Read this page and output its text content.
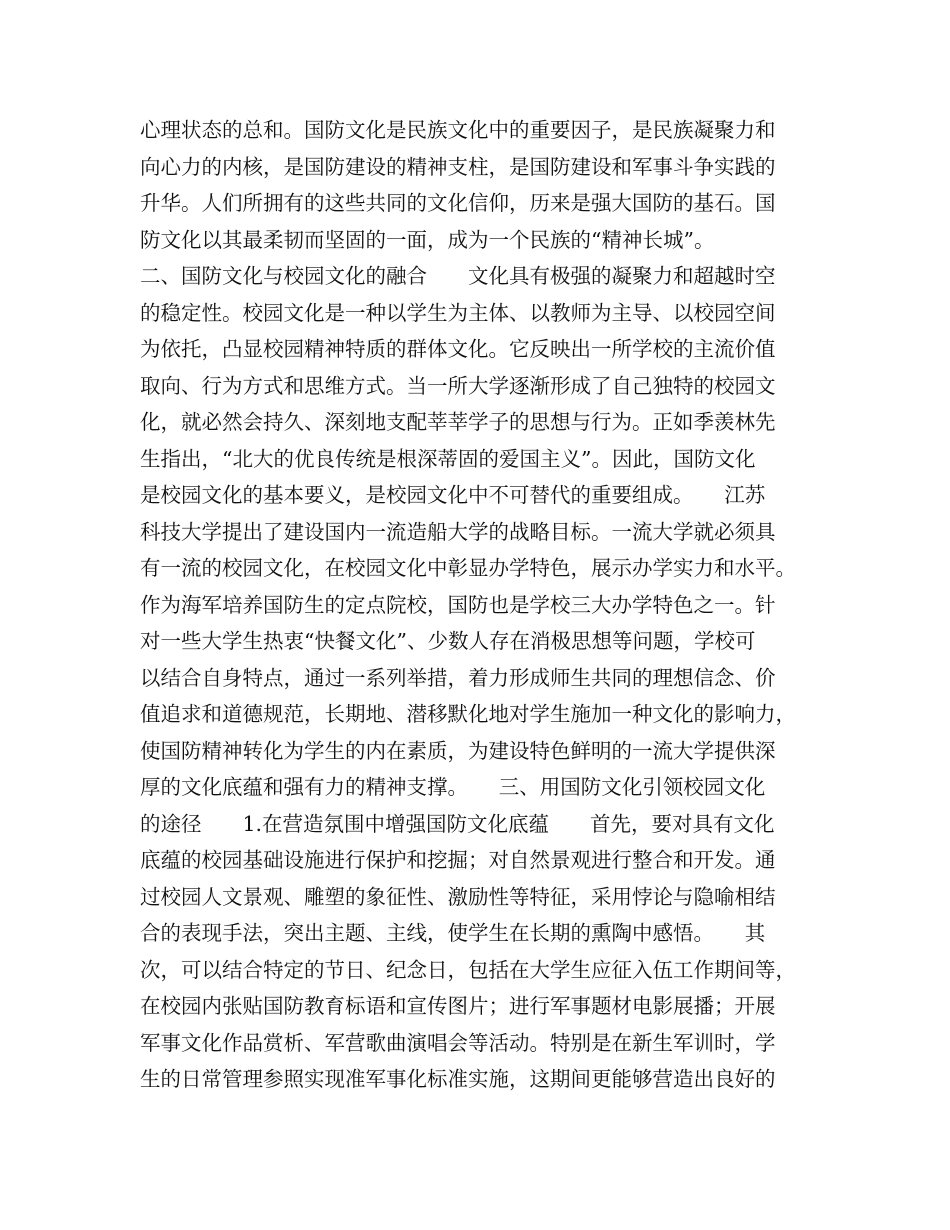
心理状态的总和。国防文化是民族文化中的重要因子，是民族凝聚力和
向心力的内核，是国防建设的精神支柱，是国防建设和军事斗争实践的
升华。人们所拥有的这些共同的文化信仰，历来是强大国防的基石。国
防文化以其最柔韧而坚固的一面，成为一个民族的“精神长城”。
二、国防文化与校园文化的融合　　文化具有极强的凝聚力和超越时空
的稳定性。校园文化是一种以学生为主体、以教师为主导、以校园空间
为依托，凸显校园精神特质的群体文化。它反映出一所学校的主流价值
取向、行为方式和思维方式。当一所大学逐渐形成了自己独特的校园文
化，就必然会持久、深刻地支配莘莘学子的思想与行为。正如季羡林先
生指出，“北大的优良传统是根深蒂固的爱国主义”。因此，国防文化
是校园文化的基本要义，是校园文化中不可替代的重要组成。　　江苏
科技大学提出了建设国内一流造船大学的战略目标。一流大学就必须具
有一流的校园文化，在校园文化中彰显办学特色，展示办学实力和水平。
作为海军培养国防生的定点院校，国防也是学校三大办学特色之一。针
对一些大学生热衷“快餐文化”、少数人存在消极思想等问题，学校可
以结合自身特点，通过一系列举措，着力形成师生共同的理想信念、价
值追求和道德规范，长期地、潜移默化地对学生施加一种文化的影响力，
使国防精神转化为学生的内在素质，为建设特色鲜明的一流大学提供深
厚的文化底蕴和强有力的精神支撑。　　三、用国防文化引领校园文化
的途径　　1.在营造氛围中增强国防文化底蕴　　首先，要对具有文化
底蕴的校园基础设施进行保护和挖掘；对自然景观进行整合和开发。通
过校园人文景观、雕塑的象征性、激励性等特征，采用悖论与隐喻相结
合的表现手法，突出主题、主线，使学生在长期的熏陶中感悟。　　其
次，可以结合特定的节日、纪念日，包括在大学生应征入伍工作期间等，
在校园内张贴国防教育标语和宣传图片；进行军事题材电影展播；开展
军事文化作品赏析、军营歌曲演唱会等活动。特别是在新生军训时，学
生的日常管理参照实现准军事化标准实施，这期间更能够营造出良好的
